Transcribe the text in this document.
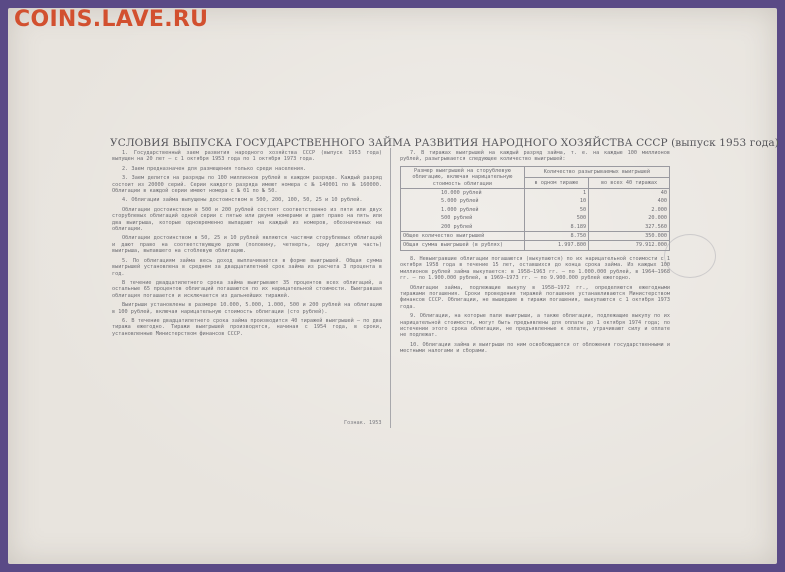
COINS.LAVE.RU
УСЛОВИЯ ВЫПУСКА ГОСУДАРСТВЕННОГО ЗАЙМА РАЗВИТИЯ НАРОДНОГО ХОЗЯЙСТВА СССР (выпуск 1953 года)

1. Государственный заем развития народного хозяйства СССР (выпуск 1953 года) выпущен на 20 лет — с 1 октября 1953 года по 1 октября 1973 года.

2. Заем предназначен для размещения только среди населения.

3. Заем делится на разряды по 100 миллионов рублей в каждом разряде. Каждый разряд состоит из 20000 серий. Серии каждого разряда имеют номера с № 140001 по № 160000. Облигации в каждой серии имеют номера с № 01 по № 50.

4. Облигации займа выпущены достоинством в 500, 200, 100, 50, 25 и 10 рублей.

Облигации достоинством в 500 и 200 рублей состоят соответственно из пяти или двух сторублевых облигаций одной серии с пятью или двумя номерами и дают право на пять или два выигрыша, которые одновременно выпадают на каждый из номеров, обозначенных на облигации.

Облигации достоинством в 50, 25 и 10 рублей являются частями сторублевых облигаций и дают право на соответствующую долю (половину, четверть, одну десятую часть) выигрыша, выпавшего на стоблевую облигацию.

5. По облигациям займа весь доход выплачивается в форме выигрышей. Общая сумма выигрышей установлена в среднем за двадцатилетний срок займа из расчета 3 процента в год.

В течение двадцатилетнего срока займа выигрывают 35 процентов всех облигаций, а остальные 65 процентов облигаций погашаются по их нарицательной стоимости. Выигравшая облигация погашается и исключается из дальнейших тиражей.

Выигрыши установлены в размере 10.000, 5.000, 1.000, 500 и 200 рублей на облигацию в 100 рублей, включая нарицательную стоимость облигации (сто рублей).

6. В течение двадцатилетнего срока займа производится 40 тиражей выигрышей — по два тиража ежегодно. Тиражи выигрышей производятся, начиная с 1954 года, в сроки, установленные Министерством финансов СССР.

Гознак. 1953

7. В тиражах выигрышей на каждый разряд займа, т. е. на каждые 100 миллионов рублей, разыгрывается следующее количество выигрышей:

Размер выигрышей на сторублевую облигацию, включая нарицательную стоимость облигации	Количество разыгрываемых выигрышей	
	в одном тираже	во всех 40 тиражах
10.000 рублей	1	40
5.000 рублей	10	400
1.000 рублей	50	2.000
500 рублей	500	20.000
200 рублей	8.189	327.560
Общее количество выигрышей	8.750	350.000
Общая сумма выигрышей (в рублях)	1.997.800	79.912.000

8. Невыигравшие облигации погашаются (выкупаются) по их нарицательной стоимости с 1 октября 1958 года в течение 15 лет, оставшихся до конца срока займа. Из каждых 100 миллионов рублей займа выкупается: в 1958—1963 гг. — по 1.000.000 рублей, в 1964—1968 гг. — по 1.900.000 рублей, в 1969—1973 гг. — по 9.900.000 рублей ежегодно.

Облигации займа, подлежащие выкупу в 1958—1972 гг., определяются ежегодными тиражами погашения. Сроки проведения тиражей погашения устанавливаются Министерством финансов СССР. Облигации, не вышедшие в тиражи погашения, выкупаются с 1 октября 1973 года.

9. Облигации, на которые пали выигрыши, а также облигации, подлежащие выкупу по их нарицательной стоимости, могут быть предъявлены для оплаты до 1 октября 1974 года; по истечении этого срока облигации, не предъявленные к оплате, утрачивают силу и оплате не подлежат.

10. Облигации займа и выигрыши по ним освобождаются от обложения государственными и местными налогами и сборами.
